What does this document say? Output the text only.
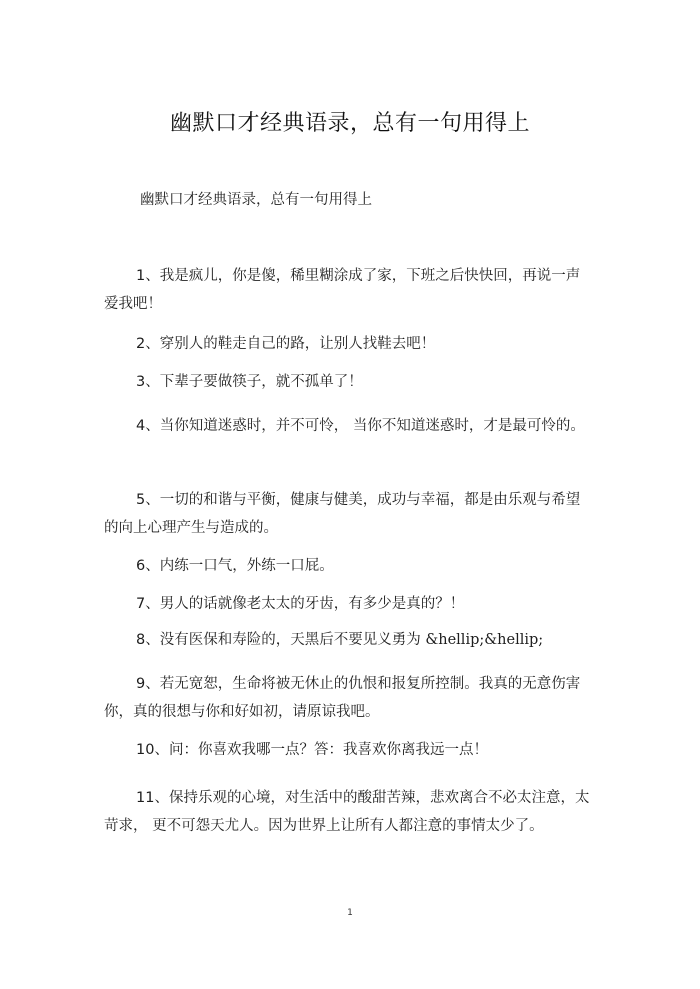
幽默口才经典语录，总有一句用得上
幽默口才经典语录，总有一句用得上
1、我是疯儿，你是傻，稀里糊涂成了家，下班之后快快回，再说一声爱我吧！
2、穿别人的鞋走自己的路，让别人找鞋去吧！
3、下辈子要做筷子，就不孤单了！
4、当你知道迷惑时，并不可怜， 当你不知道迷惑时，才是最可怜的。
5、一切的和谐与平衡，健康与健美，成功与幸福，都是由乐观与希望的向上心理产生与造成的。
6、内练一口气，外练一口屁。
7、男人的话就像老太太的牙齿，有多少是真的？！
8、没有医保和寿险的，天黑后不要见义勇为 &hellip;&hellip;
9、若无宽恕，生命将被无休止的仇恨和报复所控制。我真的无意伤害你，真的很想与你和好如初，请原谅我吧。
10、问：你喜欢我哪一点？答：我喜欢你离我远一点！
11、保持乐观的心境，对生活中的酸甜苦辣，悲欢离合不必太注意，太苛求， 更不可怨天尤人。因为世界上让所有人都注意的事情太少了。
1
